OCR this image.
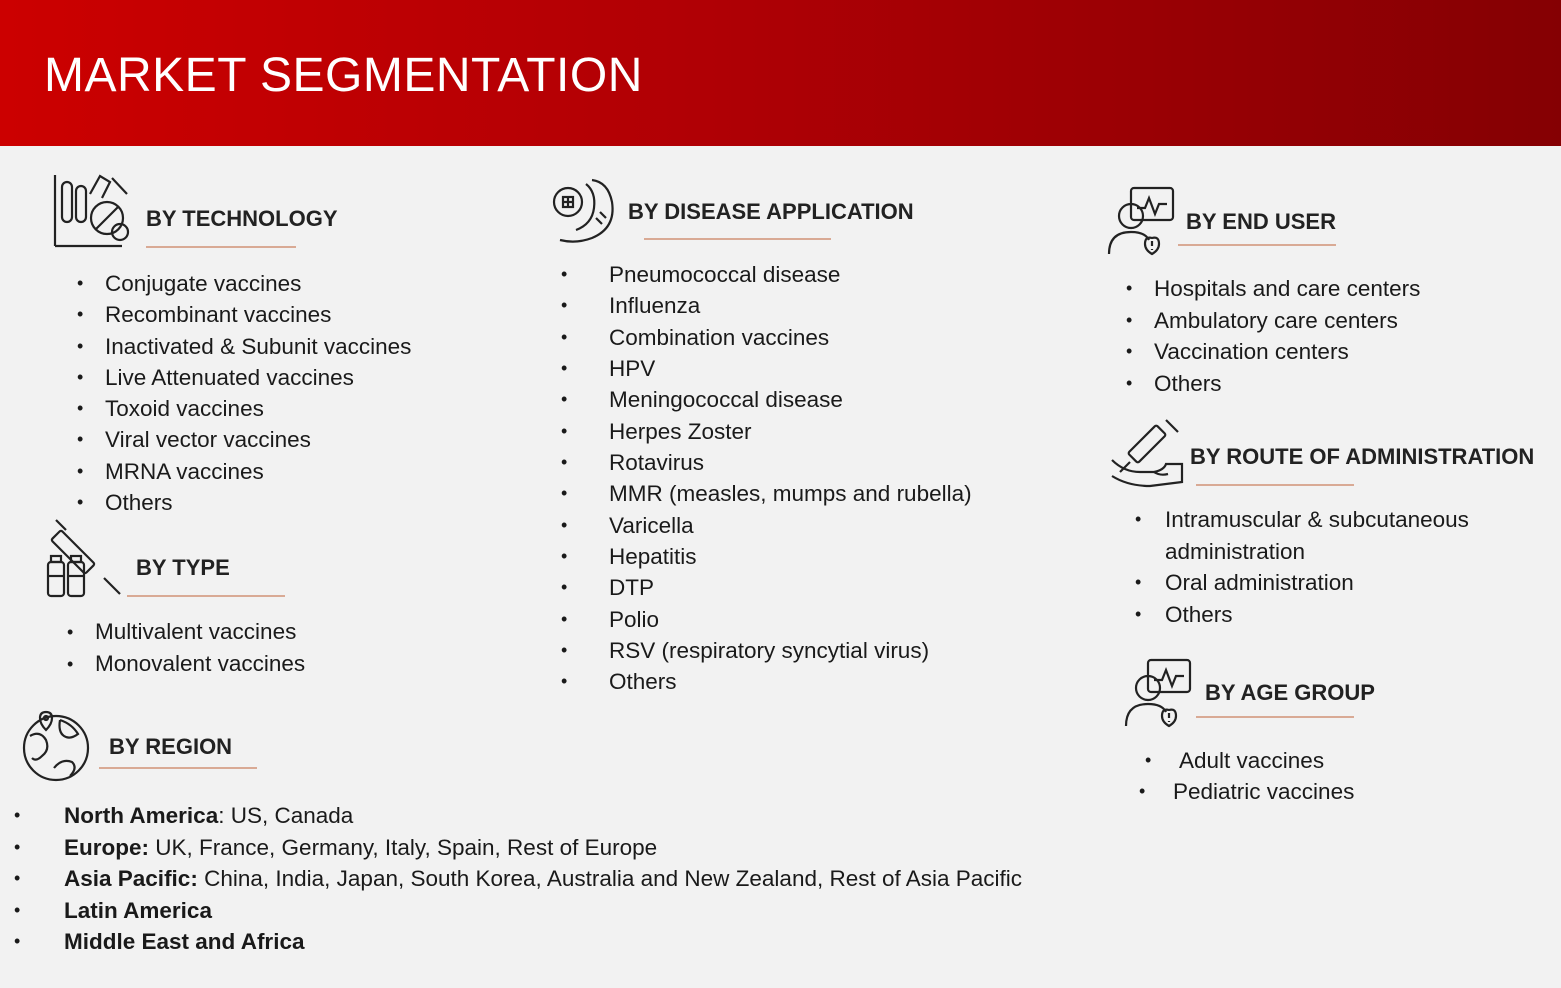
MARKET SEGMENTATION
BY TECHNOLOGY
• Conjugate vaccines
• Recombinant vaccines
• Inactivated & Subunit vaccines
• Live Attenuated vaccines
• Toxoid vaccines
• Viral vector vaccines
• MRNA vaccines
• Others
BY TYPE
• Multivalent vaccines
• Monovalent vaccines
BY REGION
• North America: US, Canada
• Europe: UK, France, Germany, Italy, Spain, Rest of Europe
• Asia Pacific: China, India, Japan, South Korea, Australia and New Zealand, Rest of Asia Pacific
• Latin America
• Middle East and Africa
BY DISEASE APPLICATION
• Pneumococcal disease
• Influenza
• Combination vaccines
• HPV
• Meningococcal disease
• Herpes Zoster
• Rotavirus
• MMR (measles, mumps and rubella)
• Varicella
• Hepatitis
• DTP
• Polio
• RSV (respiratory syncytial virus)
• Others
BY END USER
• Hospitals and care centers
• Ambulatory care centers
• Vaccination centers
• Others
BY ROUTE OF ADMINISTRATION
• Intramuscular & subcutaneous
administration
• Oral administration
• Others
BY AGE GROUP
• Adult vaccines
• Pediatric vaccines
